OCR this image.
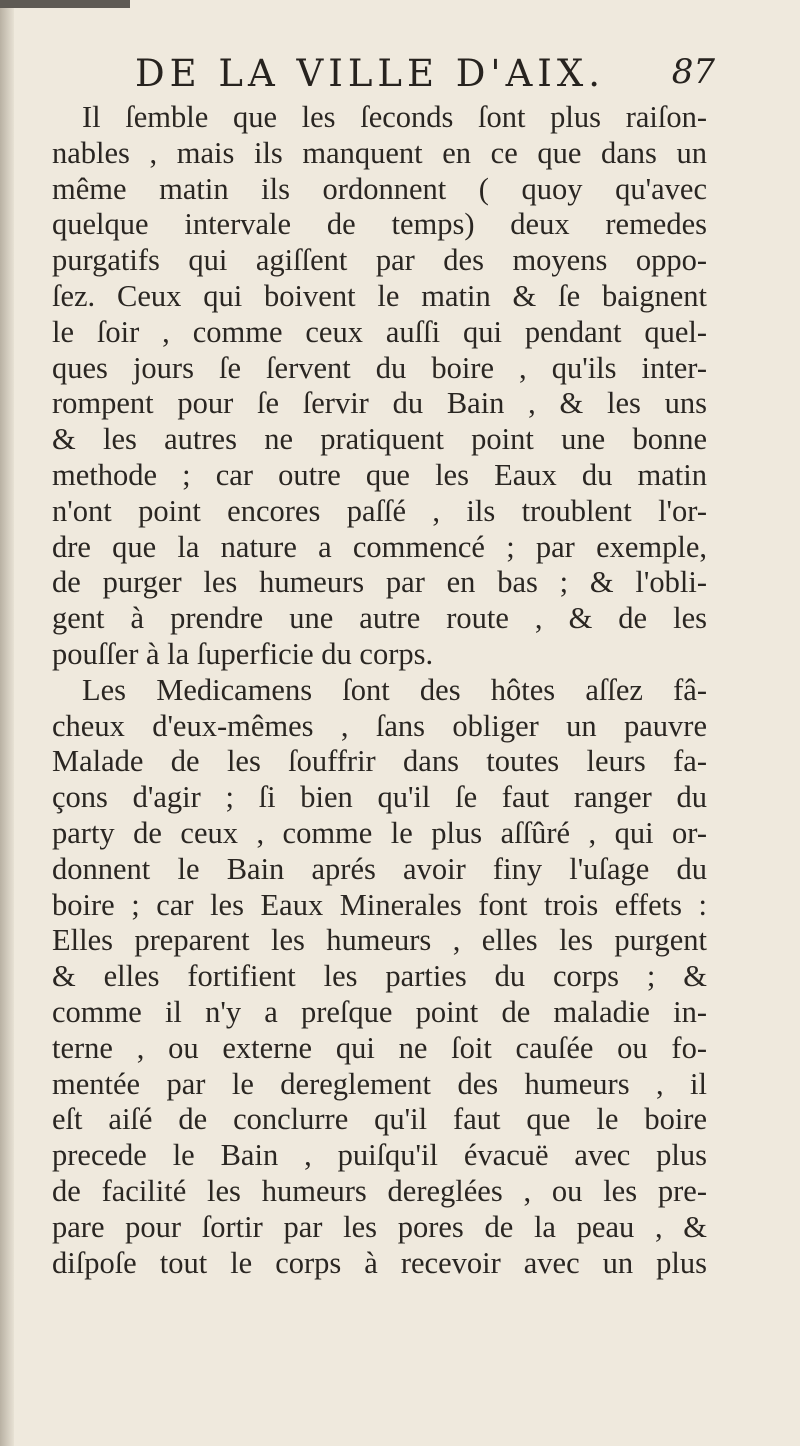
DE LA VILLE D'AIX. 87
Il ſemble que les ſeconds ſont plus raiſon-
nables , mais ils manquent en ce que dans un
même matin ils ordonnent ( quoy qu'avec
quelque intervale de temps) deux remedes
purgatifs qui agiſſent par des moyens oppo-
ſez. Ceux qui boivent le matin & ſe baignent
le ſoir , comme ceux auſſi qui pendant quel-
ques jours ſe ſervent du boire , qu'ils inter-
rompent pour ſe ſervir du Bain , & les uns
& les autres ne pratiquent point une bonne
methode ; car outre que les Eaux du matin
n'ont point encores paſſé , ils troublent l'or-
dre que la nature a commencé ; par exemple,
de purger les humeurs par en bas ; & l'obli-
gent à prendre une autre route , & de les
pouſſer à la ſuperficie du corps.
Les Medicamens ſont des hôtes aſſez fâ-
cheux d'eux-mêmes , ſans obliger un pauvre
Malade de les ſouffrir dans toutes leurs fa-
çons d'agir ; ſi bien qu'il ſe faut ranger du
party de ceux , comme le plus aſſûré , qui or-
donnent le Bain aprés avoir finy l'uſage du
boire ; car les Eaux Minerales font trois effets :
Elles preparent les humeurs , elles les purgent
& elles fortifient les parties du corps ; &
comme il n'y a preſque point de maladie in-
terne , ou externe qui ne ſoit cauſée ou fo-
mentée par le dereglement des humeurs , il
eſt aiſé de conclurre qu'il faut que le boire
precede le Bain , puiſqu'il évacuë avec plus
de facilité les humeurs dereglées , ou les pre-
pare pour ſortir par les pores de la peau , &
diſpoſe tout le corps à recevoir avec un plus
